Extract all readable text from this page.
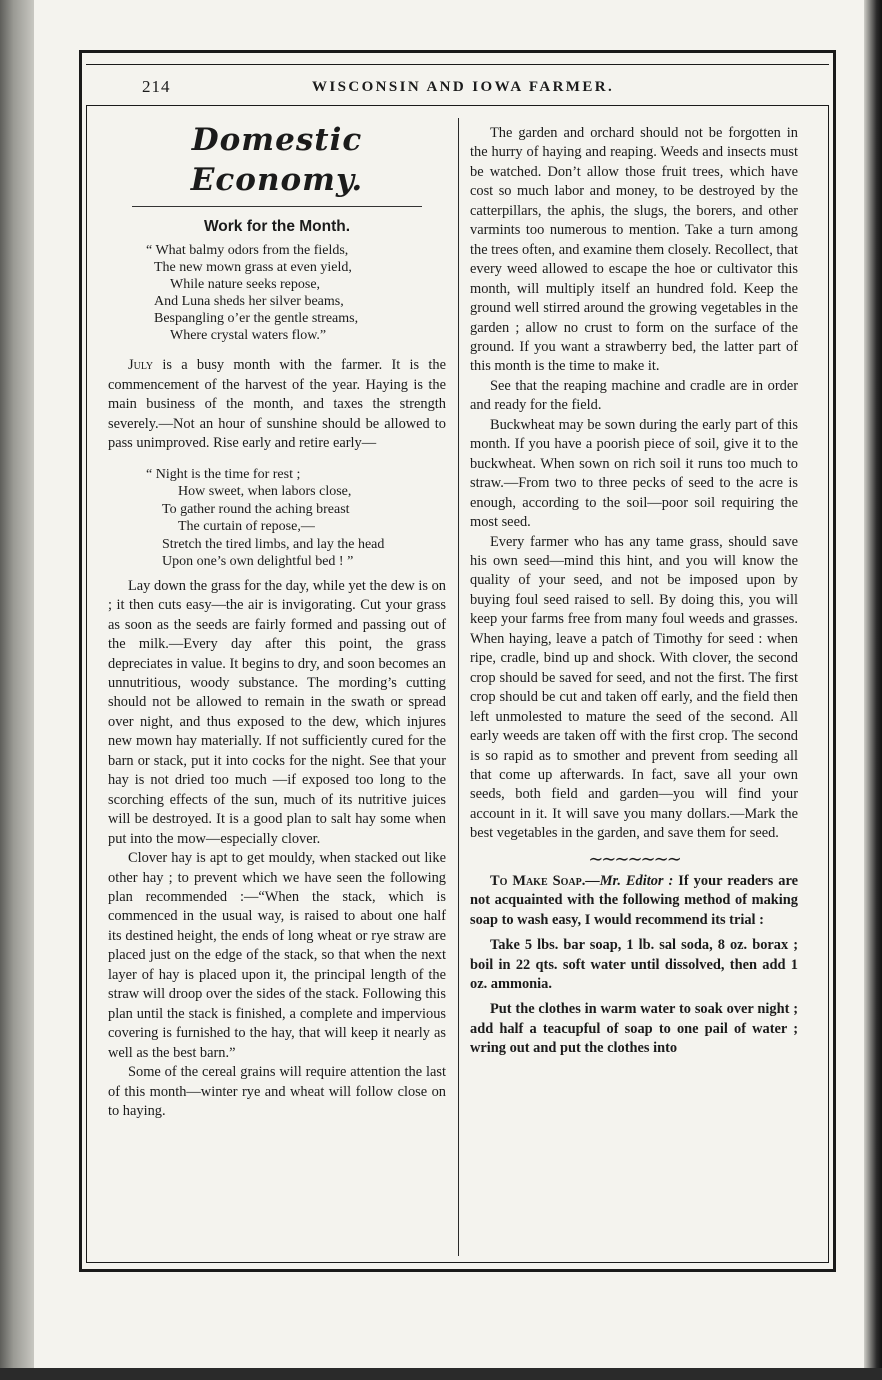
214	WISCONSIN AND IOWA FARMER.
Domestic Economy.
Work for the Month.
“ What balmy odors from the fields,
The new mown grass at even yield,
While nature seeks repose,
And Luna sheds her silver beams,
Bespangling o’er the gentle streams,
Where crystal waters flow.”

July is a busy month with the farmer. It is the commencement of the harvest of the year. Haying is the main business of the month, and taxes the strength severely.—Not an hour of sunshine should be allowed to pass unimproved. Rise early and retire early—

“ Night is the time for rest ;
How sweet, when labors close,
To gather round the aching breast
The curtain of repose,—
Stretch the tired limbs, and lay the head
Upon one’s own delightful bed ! ”

Lay down the grass for the day, while yet the dew is on ; it then cuts easy—the air is invigorating. Cut your grass as soon as the seeds are fairly formed and passing out of the milk.—Every day after this point, the grass depreciates in value. It begins to dry, and soon becomes an unnutritious, woody substance. The mording’s cutting should not be allowed to remain in the swath or spread over night, and thus exposed to the dew, which injures new mown hay materially. If not sufficiently cured for the barn or stack, put it into cocks for the night. See that your hay is not dried too much —if exposed too long to the scorching effects of the sun, much of its nutritive juices will be destroyed. It is a good plan to salt hay some when put into the mow—especially clover.

Clover hay is apt to get mouldy, when stacked out like other hay ; to prevent which we have seen the following plan recommended :—“When the stack, which is commenced in the usual way, is raised to about one half its destined height, the ends of long wheat or rye straw are placed just on the edge of the stack, so that when the next layer of hay is placed upon it, the principal length of the straw will droop over the sides of the stack. Following this plan until the stack is finished, a complete and impervious covering is furnished to the hay, that will keep it nearly as well as the best barn.”

Some of the cereal grains will require attention the last of this month—winter rye and wheat will follow close on to haying.

The garden and orchard should not be forgotten in the hurry of haying and reaping. Weeds and insects must be watched. Don’t allow those fruit trees, which have cost so much labor and money, to be destroyed by the catterpillars, the aphis, the slugs, the borers, and other varmints too numerous to mention. Take a turn among the trees often, and examine them closely. Recollect, that every weed allowed to escape the hoe or cultivator this month, will multiply itself an hundred fold. Keep the ground well stirred around the growing vegetables in the garden ; allow no crust to form on the surface of the ground. If you want a strawberry bed, the latter part of this month is the time to make it.

See that the reaping machine and cradle are in order and ready for the field.

Buckwheat may be sown during the early part of this month. If you have a poorish piece of soil, give it to the buckwheat. When sown on rich soil it runs too much to straw.—From two to three pecks of seed to the acre is enough, according to the soil—poor soil requiring the most seed.

Every farmer who has any tame grass, should save his own seed—mind this hint, and you will know the quality of your seed, and not be imposed upon by buying foul seed raised to sell. By doing this, you will keep your farms free from many foul weeds and grasses. When haying, leave a patch of Timothy for seed : when ripe, cradle, bind up and shock. With clover, the second crop should be saved for seed, and not the first. The first crop should be cut and taken off early, and the field then left unmolested to mature the seed of the second. All early weeds are taken off with the first crop. The second is so rapid as to smother and prevent from seeding all that come up afterwards. In fact, save all your own seeds, both field and garden—you will find your account in it. It will save you many dollars.—Mark the best vegetables in the garden, and save them for seed.

∼∼∼∼∼∼∼

To Make Soap.—Mr. Editor : If your readers are not acquainted with the following method of making soap to wash easy, I would recommend its trial :

Take 5 lbs. bar soap, 1 lb. sal soda, 8 oz. borax ; boil in 22 qts. soft water until dissolved, then add 1 oz. ammonia.

Put the clothes in warm water to soak over night ; add half a teacupful of soap to one pail of water ; wring out and put the clothes into
